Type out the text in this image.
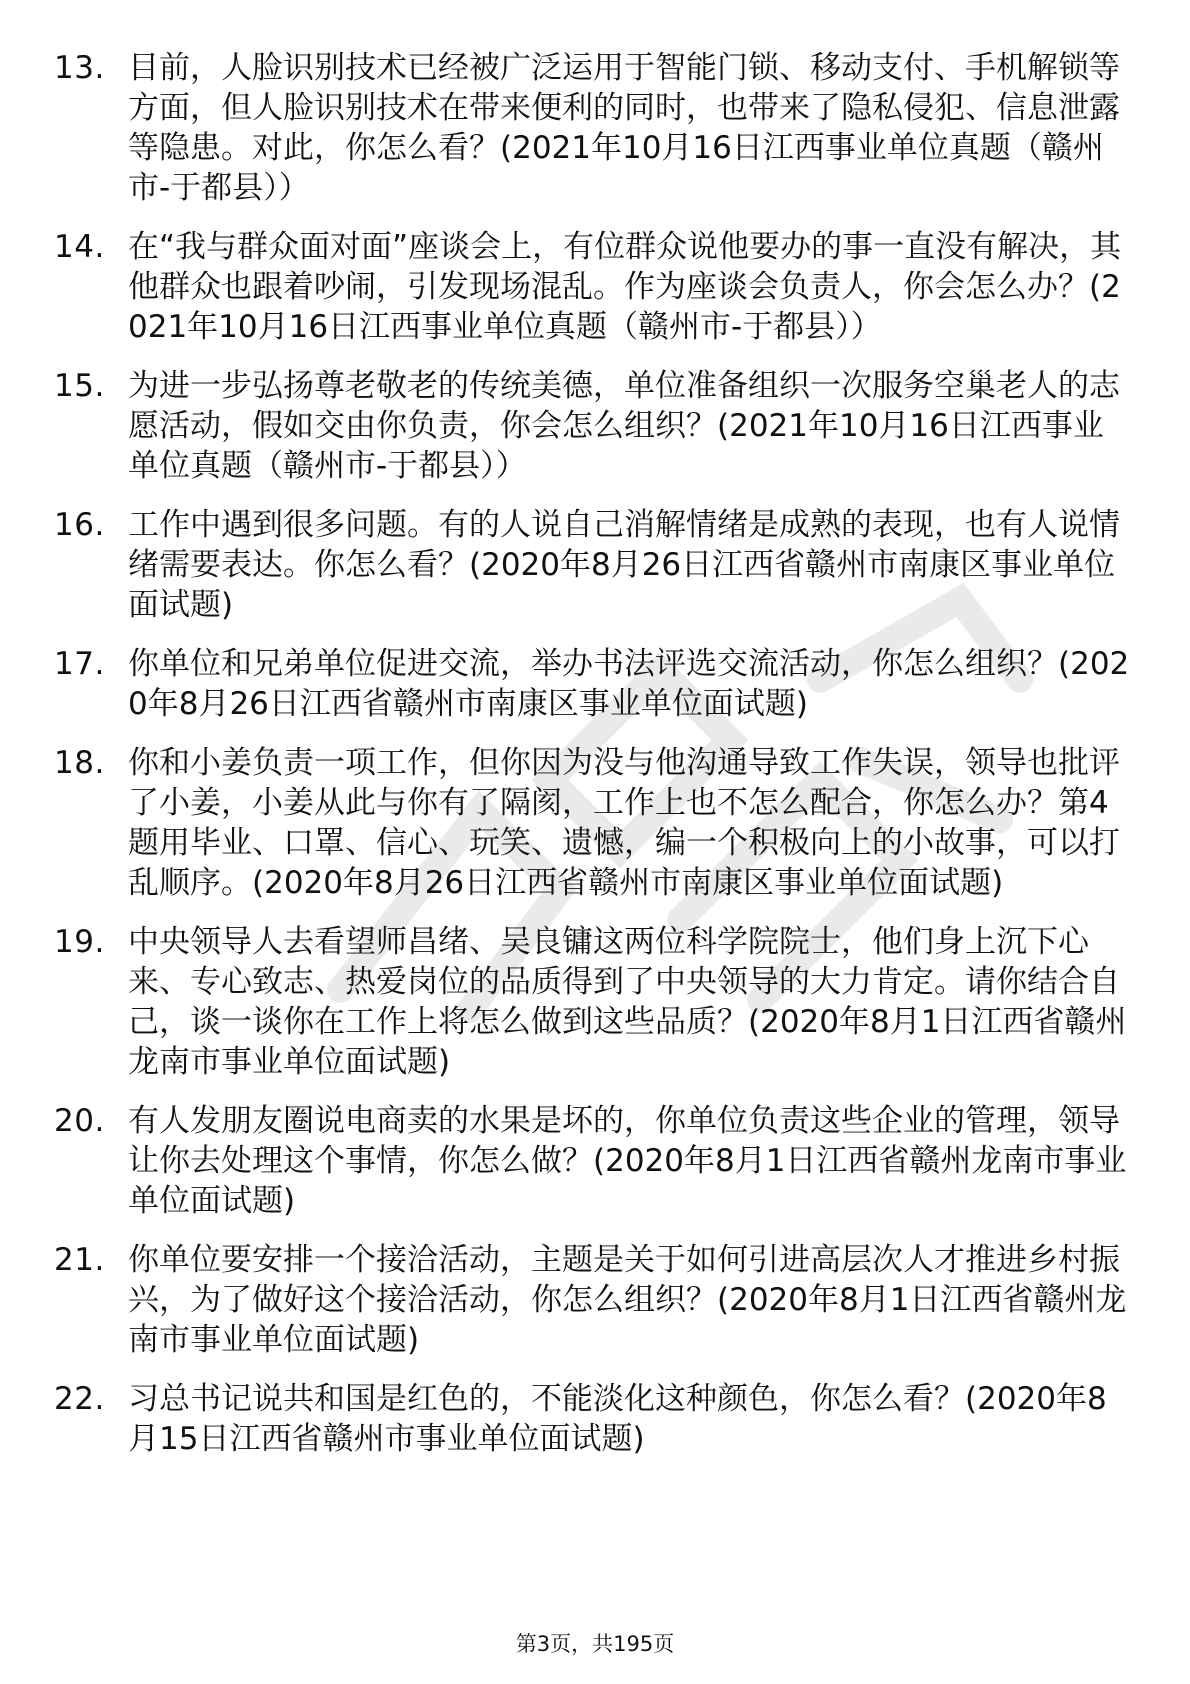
13. 目前，人脸识别技术已经被广泛运用于智能门锁、移动支付、手机解锁等方面，但人脸识别技术在带来便利的同时，也带来了隐私侵犯、信息泄露等隐患。对此，你怎么看？(2021年10月16日江西事业单位真题（赣州市-于都县））
14. 在“我与群众面对面”座谈会上，有位群众说他要办的事一直没有解决，其他群众也跟着吵闹，引发现场混乱。作为座谈会负责人，你会怎么办？(2021年10月16日江西事业单位真题（赣州市-于都县））
15. 为进一步弘扬尊老敬老的传统美德，单位准备组织一次服务空巢老人的志愿活动，假如交由你负责，你会怎么组织？(2021年10月16日江西事业单位真题（赣州市-于都县））
16. 工作中遇到很多问题。有的人说自己消解情绪是成熟的表现，也有人说情绪需要表达。你怎么看？(2020年8月26日江西省赣州市南康区事业单位面试题)
17. 你单位和兄弟单位促进交流，举办书法评选交流活动，你怎么组织？(2020年8月26日江西省赣州市南康区事业单位面试题)
18. 你和小姜负责一项工作，但你因为没与他沟通导致工作失误，领导也批评了小姜，小姜从此与你有了隔阂，工作上也不怎么配合，你怎么办？第4题用毕业、口罩、信心、玩笑、遗憾，编一个积极向上的小故事，可以打乱顺序。(2020年8月26日江西省赣州市南康区事业单位面试题)
19. 中央领导人去看望师昌绪、吴良镛这两位科学院院士，他们身上沉下心来、专心致志、热爱岗位的品质得到了中央领导的大力肯定。请你结合自己，谈一谈你在工作上将怎么做到这些品质？(2020年8月1日江西省赣州龙南市事业单位面试题)
20. 有人发朋友圈说电商卖的水果是坏的，你单位负责这些企业的管理，领导让你去处理这个事情，你怎么做？(2020年8月1日江西省赣州龙南市事业单位面试题)
21. 你单位要安排一个接洽活动，主题是关于如何引进高层次人才推进乡村振兴，为了做好这个接洽活动，你怎么组织？(2020年8月1日江西省赣州龙南市事业单位面试题)
22. 习总书记说共和国是红色的，不能淡化这种颜色，你怎么看？(2020年8月15日江西省赣州市事业单位面试题)
第3页，共195页
